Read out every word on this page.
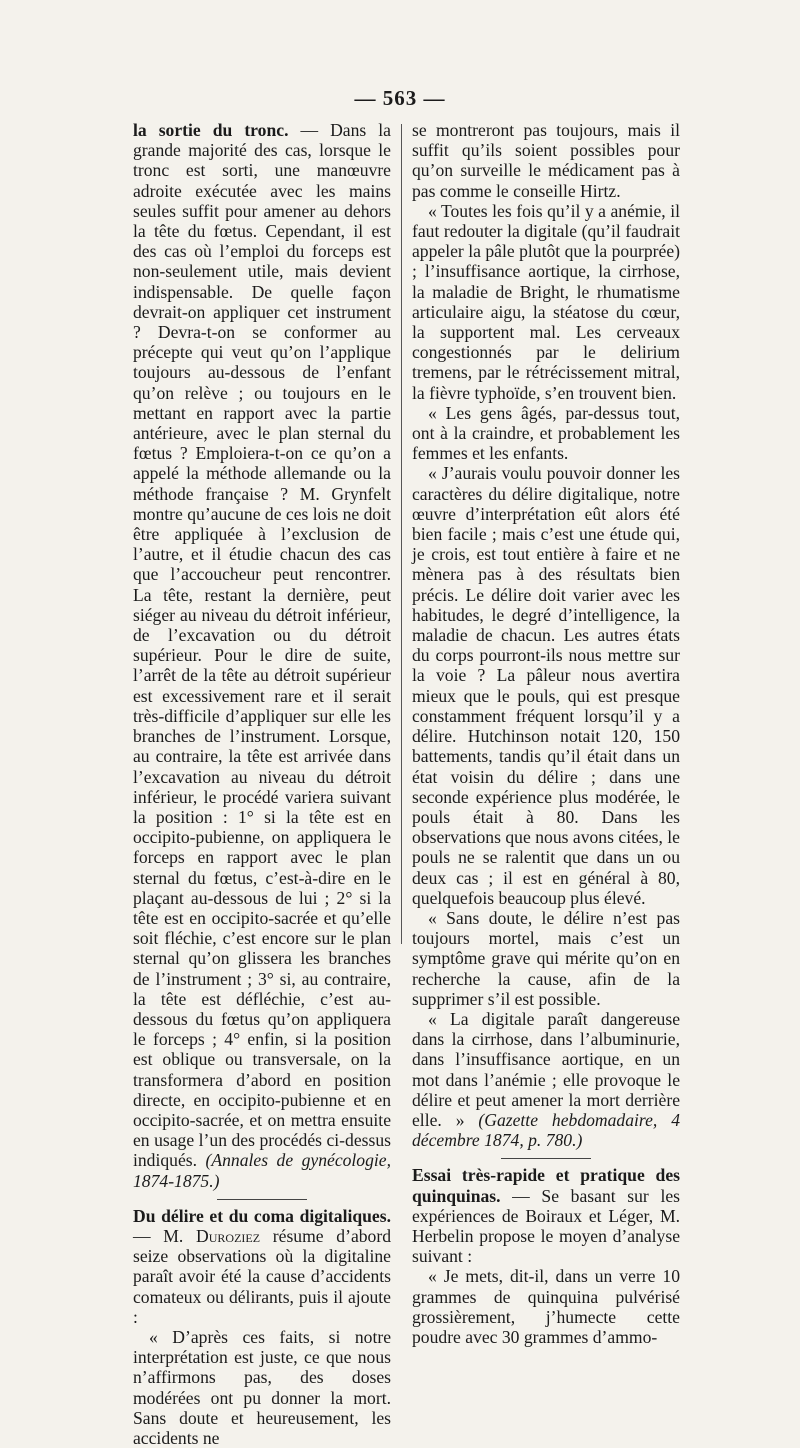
— 563 —

la sortie du tronc. — Dans la grande majorité des cas, lorsque le tronc est sorti, une manœuvre adroite exécutée avec les mains seules suffit pour amener au dehors la tête du fœtus. Cependant, il est des cas où l’emploi du forceps est non-seulement utile, mais devient indispensable. De quelle façon devrait-on appliquer cet instrument ? Devra-t-on se conformer au précepte qui veut qu’on l’applique toujours au-dessous de l’enfant qu’on relève ; ou toujours en le mettant en rapport avec la partie antérieure, avec le plan sternal du fœtus ? Emploiera-t-on ce qu’on a appelé la méthode allemande ou la méthode française ? M. Grynfelt montre qu’aucune de ces lois ne doit être appliquée à l’exclusion de l’autre, et il étudie chacun des cas que l’accoucheur peut rencontrer. La tête, restant la dernière, peut siéger au niveau du détroit inférieur, de l’excavation ou du détroit supérieur. Pour le dire de suite, l’arrêt de la tête au détroit supérieur est excessivement rare et il serait très-difficile d’appliquer sur elle les branches de l’instrument. Lorsque, au contraire, la tête est arrivée dans l’excavation au niveau du détroit inférieur, le procédé variera suivant la position : 1° si la tête est en occipito-pubienne, on appliquera le forceps en rapport avec le plan sternal du fœtus, c’est-à-dire en le plaçant au-dessous de lui ; 2° si la tête est en occipito-sacrée et qu’elle soit fléchie, c’est encore sur le plan sternal qu’on glissera les branches de l’instrument ; 3° si, au contraire, la tête est défléchie, c’est au-dessous du fœtus qu’on appliquera le forceps ; 4° enfin, si la position est oblique ou transversale, on la transformera d’abord en position directe, en occipito-pubienne et en occipito-sacrée, et on mettra ensuite en usage l’un des procédés ci-dessus indiqués. (Annales de gynécologie, 1874-1875.)

Du délire et du coma digitaliques. — M. Duroziez résume d’abord seize observations où la digitaline paraît avoir été la cause d’accidents comateux ou délirants, puis il ajoute :

« D’après ces faits, si notre interprétation est juste, ce que nous n’affirmons pas, des doses modérées ont pu donner la mort. Sans doute et heureusement, les accidents ne

se montreront pas toujours, mais il suffit qu’ils soient possibles pour qu’on surveille le médicament pas à pas comme le conseille Hirtz.

« Toutes les fois qu’il y a anémie, il faut redouter la digitale (qu’il faudrait appeler la pâle plutôt que la pourprée) ; l’insuffisance aortique, la cirrhose, la maladie de Bright, le rhumatisme articulaire aigu, la stéatose du cœur, la supportent mal. Les cerveaux congestionnés par le delirium tremens, par le rétrécissement mitral, la fièvre typhoïde, s’en trouvent bien.

« Les gens âgés, par-dessus tout, ont à la craindre, et probablement les femmes et les enfants.

« J’aurais voulu pouvoir donner les caractères du délire digitalique, notre œuvre d’interprétation eût alors été bien facile ; mais c’est une étude qui, je crois, est tout entière à faire et ne mènera pas à des résultats bien précis. Le délire doit varier avec les habitudes, le degré d’intelligence, la maladie de chacun. Les autres états du corps pourront-ils nous mettre sur la voie ? La pâleur nous avertira mieux que le pouls, qui est presque constamment fréquent lorsqu’il y a délire. Hutchinson notait 120, 150 battements, tandis qu’il était dans un état voisin du délire ; dans une seconde expérience plus modérée, le pouls était à 80. Dans les observations que nous avons citées, le pouls ne se ralentit que dans un ou deux cas ; il est en général à 80, quelquefois beaucoup plus élevé.

« Sans doute, le délire n’est pas toujours mortel, mais c’est un symptôme grave qui mérite qu’on en recherche la cause, afin de la supprimer s’il est possible.

« La digitale paraît dangereuse dans la cirrhose, dans l’albuminurie, dans l’insuffisance aortique, en un mot dans l’anémie ; elle provoque le délire et peut amener la mort derrière elle. » (Gazette hebdomadaire, 4 décembre 1874, p. 780.)

Essai très-rapide et pratique des quinquinas. — Se basant sur les expériences de Boiraux et Léger, M. Herbelin propose le moyen d’analyse suivant :

« Je mets, dit-il, dans un verre 10 grammes de quinquina pulvérisé grossièrement, j’humecte cette poudre avec 30 grammes d’ammo-
